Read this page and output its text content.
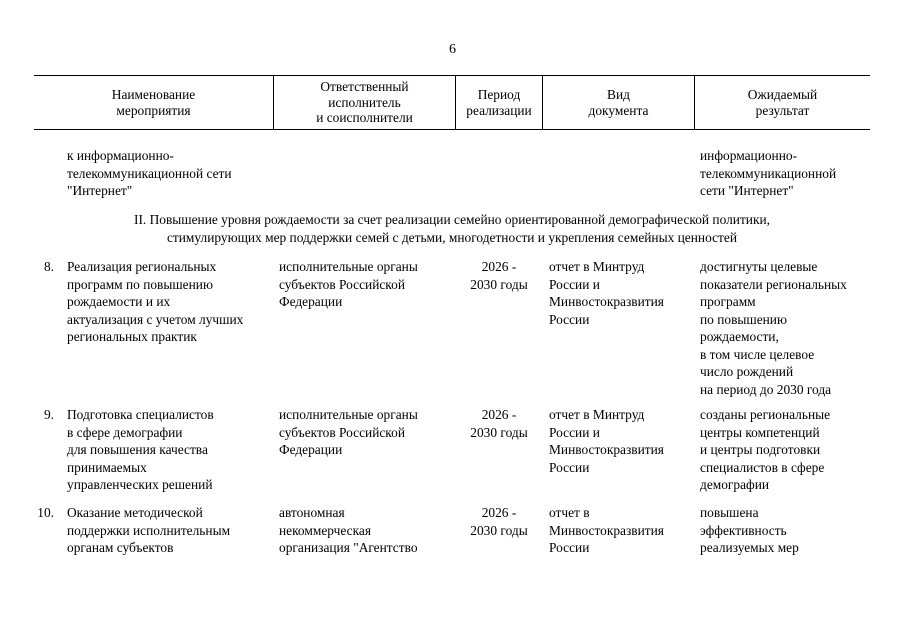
6
Наименование
мероприятия
Ответственный
исполнитель
и соисполнители
Период
реализации
Вид
документа
Ожидаемый
результат
к информационно-
телекоммуникационной сети
"Интернет"
информационно-
телекоммуникационной
сети "Интернет"
II. Повышение уровня рождаемости за счет реализации семейно ориентированной демографической политики,
стимулирующих мер поддержки семей с детьми, многодетности и укрепления семейных ценностей
8. Реализация региональных
программ по повышению
рождаемости и их
актуализация с учетом лучших
региональных практик
исполнительные органы
субъектов Российской
Федерации
2026 -
2030 годы
отчет в Минтруд
России и
Минвостокразвития
России
достигнуты целевые
показатели региональных
программ
по повышению
рождаемости,
в том числе целевое
число рождений
на период до 2030 года
9. Подготовка специалистов
в сфере демографии
для повышения качества
принимаемых
управленческих решений
исполнительные органы
субъектов Российской
Федерации
2026 -
2030 годы
отчет в Минтруд
России и
Минвостокразвития
России
созданы региональные
центры компетенций
и центры подготовки
специалистов в сфере
демографии
10. Оказание методической
поддержки исполнительным
органам субъектов
автономная
некоммерческая
организация "Агентство
2026 -
2030 годы
отчет в
Минвостокразвития
России
повышена
эффективность
реализуемых мер
